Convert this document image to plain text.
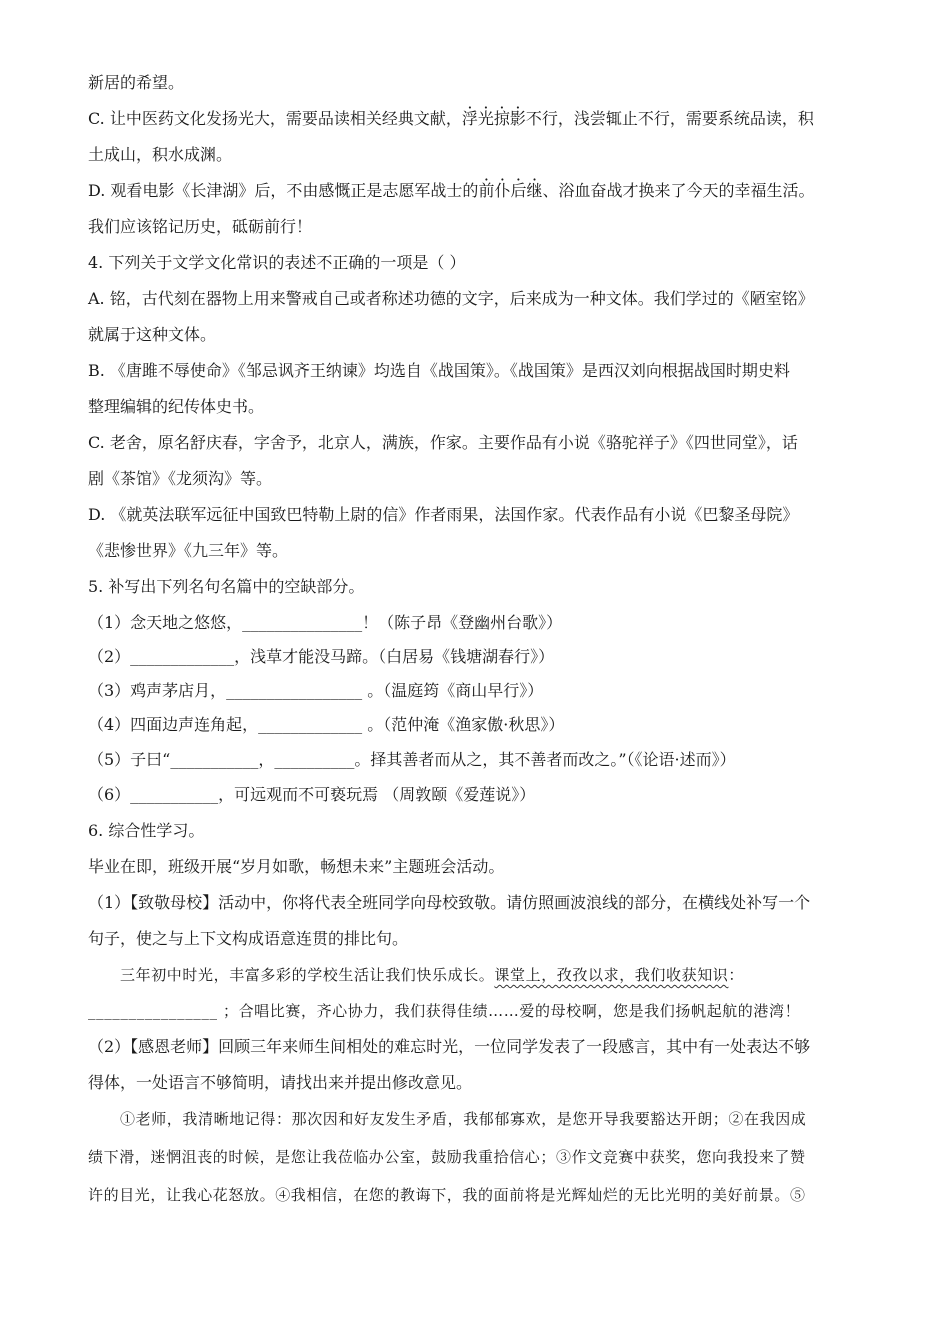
新居的希望。
C. 让中医药文化发扬光大，需要品读相关经典文献，浮光掠影不行，浅尝辄止不行，需要系统品读，积
土成山，积水成渊。
D. 观看电影《长津湖》后，不由感慨正是志愿军战士的前仆后继、浴血奋战才换来了今天的幸福生活。
我们应该铭记历史，砥砺前行！
4. 下列关于文学文化常识的表述不正确的一项是（ ）
A. 铭，古代刻在器物上用来警戒自己或者称述功德的文字，后来成为一种文体。我们学过的《陋室铭》
就属于这种文体。
B. 《唐雎不辱使命》《邹忌讽齐王纳谏》均选自《战国策》。《战国策》是西汉刘向根据战国时期史料
整理编辑的纪传体史书。
C. 老舍，原名舒庆春，字舍予，北京人，满族，作家。主要作品有小说《骆驼祥子》《四世同堂》，话
剧《茶馆》《龙须沟》等。
D. 《就英法联军远征中国致巴特勒上尉的信》作者雨果，法国作家。代表作品有小说《巴黎圣母院》
《悲惨世界》《九三年》等。
5. 补写出下列名句名篇中的空缺部分。
（1）念天地之悠悠，_______________！（陈子昂《登幽州台歌》）
（2）_____________，浅草才能没马蹄。（白居易《钱塘湖春行》）
（3）鸡声茅店月，_________________ 。（温庭筠《商山早行》）
（4）四面边声连角起，_____________ 。（范仲淹《渔家傲·秋思》）
（5）子曰“___________，__________。择其善者而从之，其不善者而改之。”（《论语·述而》）
（6）___________，可远观而不可亵玩焉 （周敦颐《爱莲说》）
6. 综合性学习。
毕业在即，班级开展“岁月如歌，畅想未来”主题班会活动。
（1）【致敬母校】活动中，你将代表全班同学向母校致敬。请仿照画波浪线的部分，在横线处补写一个
句子，使之与上下文构成语意连贯的排比句。
三年初中时光，丰富多彩的学校生活让我们快乐成长。课堂上，孜孜以求，我们收获知识：
________________ ；合唱比赛，齐心协力，我们获得佳绩……爱的母校啊，您是我们扬帆起航的港湾！
（2）【感恩老师】回顾三年来师生间相处的难忘时光，一位同学发表了一段感言，其中有一处表达不够
得体，一处语言不够简明，请找出来并提出修改意见。
①老师，我清晰地记得：那次因和好友发生矛盾，我郁郁寡欢，是您开导我要豁达开朗；②在我因成
绩下滑，迷惘沮丧的时候，是您让我莅临办公室，鼓励我重拾信心；③作文竞赛中获奖，您向我投来了赞
许的目光，让我心花怒放。④我相信，在您的教诲下，我的面前将是光辉灿烂的无比光明的美好前景。⑤
